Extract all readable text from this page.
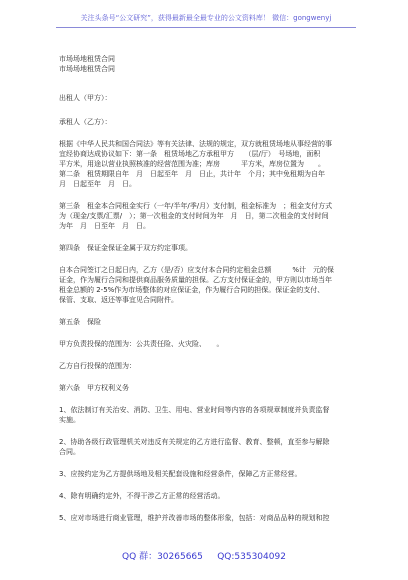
关注头条号“公文研究”，获得最新最全最专业的公文资料库！ 微信：gongwenyj

市场场地租赁合同

市场场地租赁合同

出租人（甲方）：

承租人（乙方）：

根据《中华人民共和国合同法》等有关法律、法规的规定，双方就租赁场地从事经营的事

宜经协商达成协议如下：第一条　租赁场地乙方承租甲方　　（层/厅）　号场地，面积

平方米，用途以营业执照核准的经营范围为准；库房　　　平方米，库房位置为　　。

第二条　租赁期限自年　月　日起至年　月　日止，共计年　个月；其中免租期为自年

月　日起至年　月　日。

第三条　租金本合同租金实行（一年/半年/季/月）支付制，租金标准为　；租金支付方式

为（现金/支票/汇票/　）；第一次租金的支付时间为年　月　日，第二次租金的支付时间

为年　月　日至年　月　日。

第四条　保证金保证金属于双方约定事项。

自本合同签订之日起日内，乙方（是/否）应支付本合同约定租金总额　　　%计　元的保

证金，作为履行合同和提供商品服务质量的担保。乙方支付保证金的，甲方则以市场当年

租金总额的 2-5%作为市场整体的对应保证金，作为履行合同的担保。保证金的支付、

保管、支取、返还等事宜见合同附件。

第五条　保险

甲方负责投保的范围为：公共责任险、火灾险、　　。

乙方自行投保的范围为：

第六条　甲方权利义务

1、依法制订有关治安、消防、卫生、用电、营业时间等内容的各项规章制度并负责监督

实施。

2、协助各级行政管理机关对违反有关规定的乙方进行监督、教育、整顿，直至参与解除

合同。

3、应按约定为乙方提供场地及相关配套设施和经营条件，保障乙方正常经营。

4、除有明确约定外，不得干涉乙方正常的经营活动。

5、应对市场进行商业管理，维护并改善市场的整体形象，包括：对商品品种的规划和控

QQ 群：30265665 QQ:535304092
